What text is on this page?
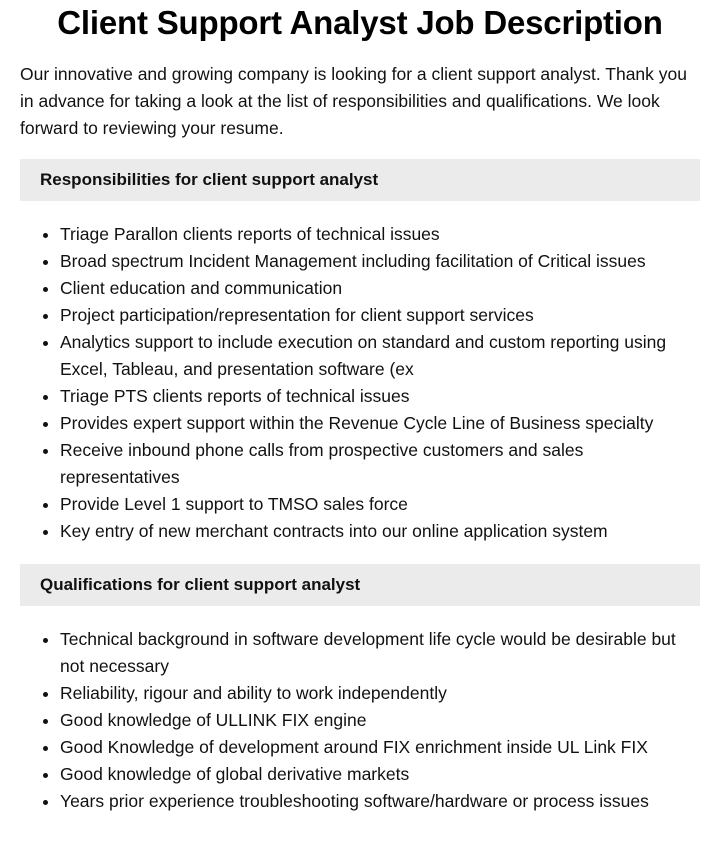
Client Support Analyst Job Description

Our innovative and growing company is looking for a client support analyst. Thank you in advance for taking a look at the list of responsibilities and qualifications. We look forward to reviewing your resume.

Responsibilities for client support analyst
Triage Parallon clients reports of technical issues
Broad spectrum Incident Management including facilitation of Critical issues
Client education and communication
Project participation/representation for client support services
Analytics support to include execution on standard and custom reporting using Excel, Tableau, and presentation software (ex
Triage PTS clients reports of technical issues
Provides expert support within the Revenue Cycle Line of Business specialty
Receive inbound phone calls from prospective customers and sales representatives
Provide Level 1 support to TMSO sales force
Key entry of new merchant contracts into our online application system
Qualifications for client support analyst
Technical background in software development life cycle would be desirable but not necessary
Reliability, rigour and ability to work independently
Good knowledge of ULLINK FIX engine
Good Knowledge of development around FIX enrichment inside UL Link FIX
Good knowledge of global derivative markets
Years prior experience troubleshooting software/hardware or process issues
